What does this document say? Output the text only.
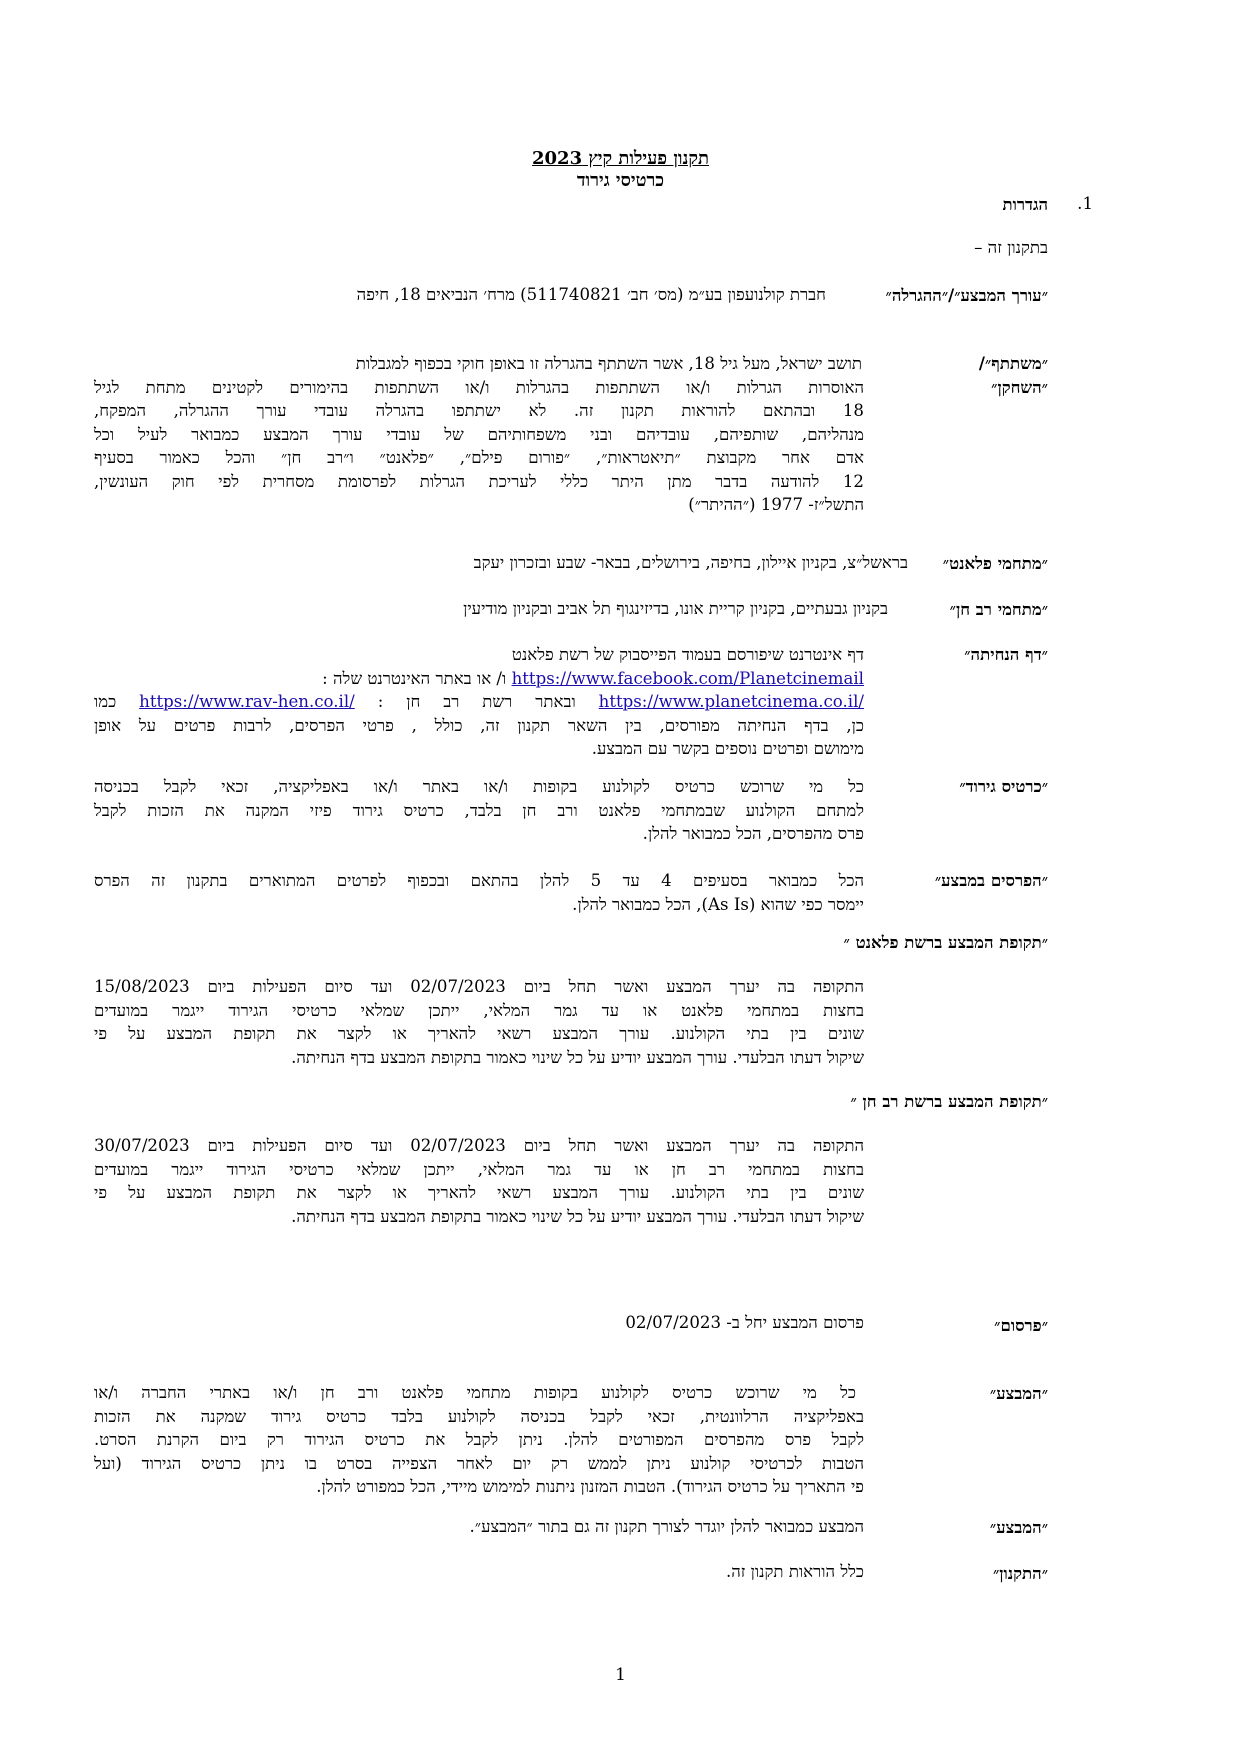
תקנון פעילות קיץ 2023
כרטיסי גירוד
1.
הגדרות
בתקנון זה –
״עורך המבצע״/״ההגרלה״
חברת קולנועפון בע״מ (מס׳ חב׳ 511740821) מרח׳ הנביאים 18, חיפה
״משתתף״/
״השחקן״
תושב ישראל, מעל גיל 18, אשר השתתף בהגרלה זו באופן חוקי בכפוף למגבלות
האוסרות הגרלות ו/או השתתפות בהגרלות ו/או השתתפות בהימורים לקטינים מתחת לגיל
18 ובהתאם להוראות תקנון זה. לא ישתתפו בהגרלה עובדי עורך ההגרלה, המפקח,
מנהליהם, שותפיהם, עובדיהם ובני משפחותיהם של עובדי עורך המבצע כמבואר לעיל וכל
אדם אחר מקבוצת ״תיאטראות״, ״פורום פילם״, ״פלאנט״ ו״רב חן״ והכל כאמור בסעיף
12 להודעה בדבר מתן היתר כללי לעריכת הגרלות לפרסומת מסחרית לפי חוק העונשין,
התשל״ז- 1977 (״ההיתר״)
״מתחמי פלאנט״
בראשל״צ, בקניון איילון, בחיפה, בירושלים, בבאר- שבע ובזכרון יעקב
״מתחמי רב חן״
בקניון גבעתיים, בקניון קריית אונו, בדיזינגוף תל אביב ובקניון מודיעין
״דף הנחיתה״
דף אינטרנט שיפורסם בעמוד הפייסבוק של רשת פלאנט
https://www.facebook.com/Planetcinemail ו/ או באתר האינטרנט שלה :
https://www.planetcinema.co.il/ ובאתר רשת רב חן : https://www.rav-hen.co.il/ כמו
כן, בדף הנחיתה מפורסים, בין השאר תקנון זה, כולל , פרטי הפרסים, לרבות פרטים על אופן
מימושם ופרטים נוספים בקשר עם המבצע.
״כרטיס גירוד״
כל מי שרוכש כרטיס לקולנוע בקופות ו/או באתר ו/או באפליקציה, זכאי לקבל בכניסה
למתחם הקולנוע שבמתחמי פלאנט ורב חן בלבד, כרטיס גירוד פיזי המקנה את הזכות לקבל
פרס מהפרסים, הכל כמבואר להלן.
״הפרסים במבצע״
הכל כמבואר בסעיפים 4 עד 5 להלן בהתאם ובכפוף לפרטים המתוארים בתקנון זה הפרס
יימסר כפי שהוא (As Is), הכל כמבואר להלן.
״תקופת המבצע ברשת פלאנט ״
התקופה בה יערך המבצע ואשר תחל ביום 02/07/2023 ועד סיום הפעילות ביום 15/08/2023
בחצות במתחמי פלאנט או עד גמר המלאי, ייתכן שמלאי כרטיסי הגירוד ייגמר במועדים
שונים בין בתי הקולנוע. עורך המבצע רשאי להאריך או לקצר את תקופת המבצע על פי
שיקול דעתו הבלעדי. עורך המבצע יודיע על כל שינוי כאמור בתקופת המבצע בדף הנחיתה.
״תקופת המבצע ברשת רב חן ״
התקופה בה יערך המבצע ואשר תחל ביום 02/07/2023 ועד סיום הפעילות ביום 30/07/2023
בחצות במתחמי רב חן או עד גמר המלאי, ייתכן שמלאי כרטיסי הגירוד ייגמר במועדים
שונים בין בתי הקולנוע. עורך המבצע רשאי להאריך או לקצר את תקופת המבצע על פי
שיקול דעתו הבלעדי. עורך המבצע יודיע על כל שינוי כאמור בתקופת המבצע בדף הנחיתה.
״פרסום״
פרסום המבצע יחל ב- 02/07/2023
״המבצע״
כל מי שרוכש כרטיס לקולנוע בקופות מתחמי פלאנט ורב חן ו/או באתרי החברה ו/או
באפליקציה הרלוונטית, זכאי לקבל בכניסה לקולנוע בלבד כרטיס גירוד שמקנה את הזכות
לקבל פרס מהפרסים המפורטים להלן. ניתן לקבל את כרטיס הגירוד רק ביום הקרנת הסרט.
הטבות לכרטיסי קולנוע ניתן לממש רק יום לאחר הצפייה בסרט בו ניתן כרטיס הגירוד (ועל
פי התאריך על כרטיס הגירוד). הטבות המזנון ניתנות למימוש מיידי, הכל כמפורט להלן.
״המבצע״
המבצע כמבואר להלן יוגדר לצורך תקנון זה גם בתור ״המבצע״.
״התקנון״
כלל הוראות תקנון זה.
1
